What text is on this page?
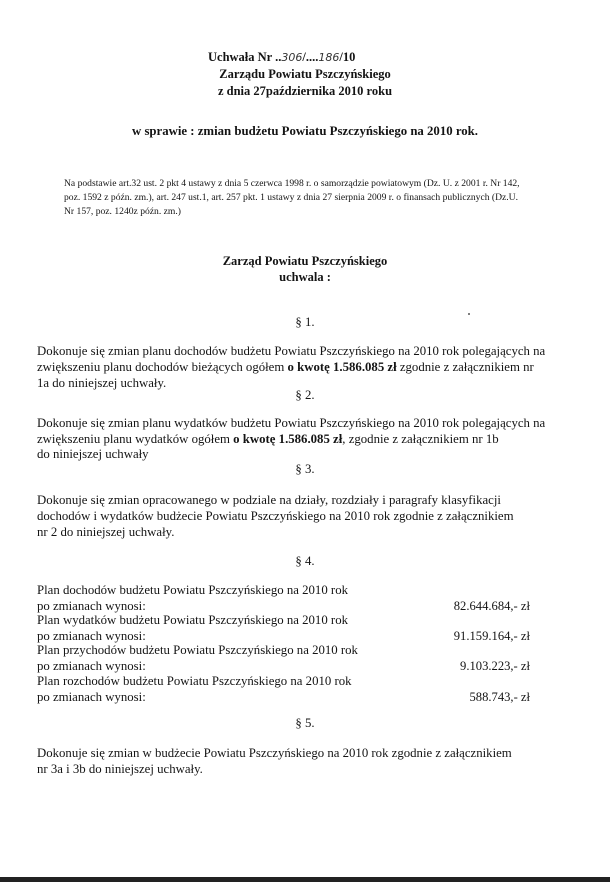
Uchwała Nr ..306/....186/10
Zarządu Powiatu Pszczyńskiego
z dnia 27października 2010 roku
w sprawie : zmian budżetu Powiatu Pszczyńskiego na 2010 rok.
Na podstawie art.32 ust. 2 pkt 4 ustawy z dnia 5 czerwca 1998 r. o samorządzie powiatowym (Dz. U. z 2001 r. Nr 142,
poz. 1592 z późn. zm.), art. 247 ust.1, art. 257 pkt. 1 ustawy z dnia 27 sierpnia 2009 r. o finansach publicznych (Dz.U.
Nr 157, poz. 1240z późn. zm.)
Zarząd Powiatu Pszczyńskiego
uchwala :
§ 1.
Dokonuje się zmian planu dochodów budżetu Powiatu Pszczyńskiego na 2010 rok polegających na
zwiększeniu planu dochodów bieżących ogółem o kwotę 1.586.085 zł zgodnie z załącznikiem nr
1a do niniejszej uchwały.
§ 2.
Dokonuje się zmian planu wydatków budżetu Powiatu Pszczyńskiego na 2010 rok polegających na
zwiększeniu planu wydatków ogółem o kwotę 1.586.085 zł, zgodnie z załącznikiem nr 1b
do niniejszej uchwały
§ 3.
Dokonuje się zmian opracowanego w podziale na działy, rozdziały i paragrafy klasyfikacji
dochodów i wydatków budżecie Powiatu Pszczyńskiego na 2010 rok zgodnie z załącznikiem
nr 2 do niniejszej uchwały.
§ 4.
Plan dochodów budżetu Powiatu Pszczyńskiego na 2010 rok
po zmianach wynosi:	82.644.684,- zł
Plan wydatków budżetu Powiatu Pszczyńskiego na 2010 rok
po zmianach wynosi:	91.159.164,- zł
Plan przychodów budżetu Powiatu Pszczyńskiego na 2010 rok
po zmianach wynosi:	9.103.223,- zł
Plan rozchodów budżetu Powiatu Pszczyńskiego na 2010 rok
po zmianach wynosi:	588.743,- zł
§ 5.
Dokonuje się zmian w budżecie Powiatu Pszczyńskiego na 2010 rok zgodnie z załącznikiem
nr 3a i 3b do niniejszej uchwały.
